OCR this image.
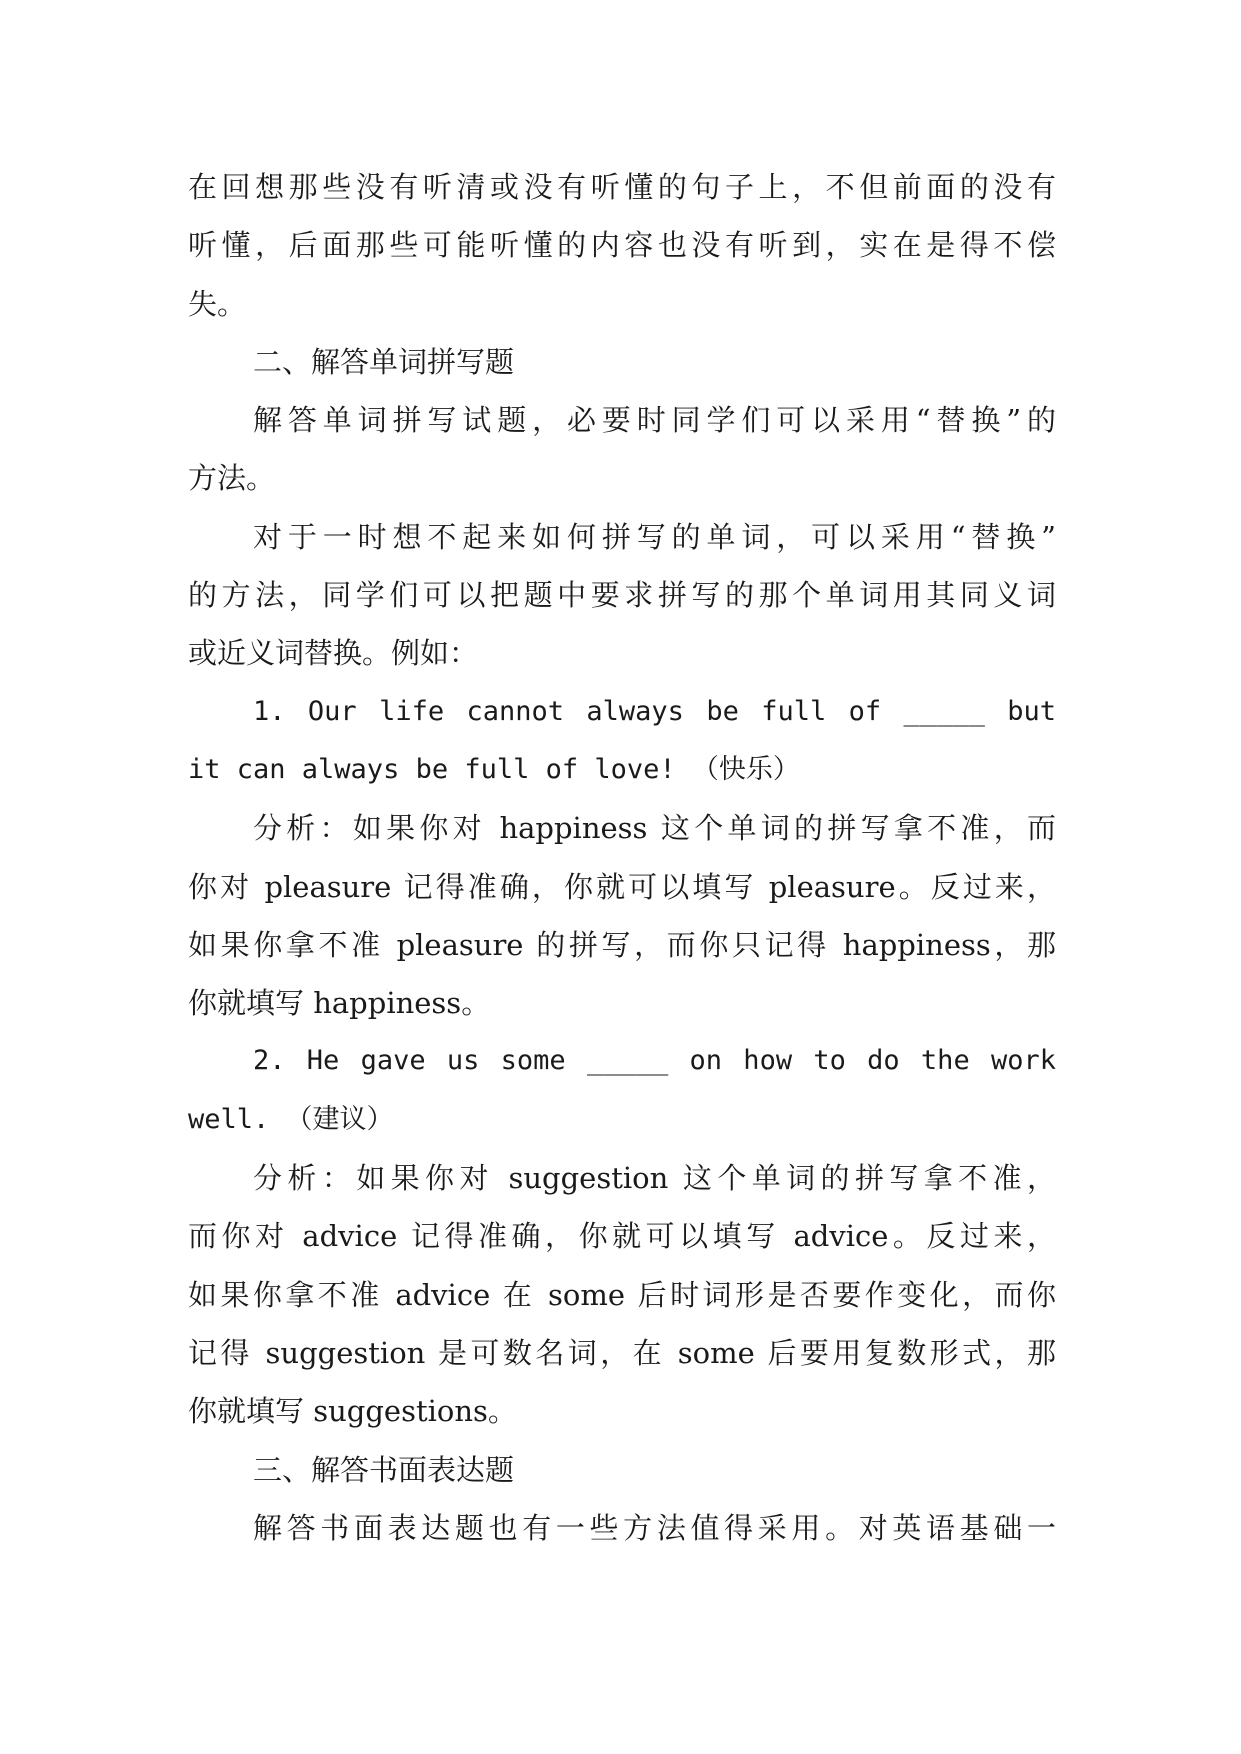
在回想那些没有听清或没有听懂的句子上，不但前面的没有
听懂，后面那些可能听懂的内容也没有听到，实在是得不偿
失。
二、解答单词拼写题
解答单词拼写试题，必要时同学们可以采用“替换”的
方法。
对于一时想不起来如何拼写的单词，可以采用“替换”
的方法，同学们可以把题中要求拼写的那个单词用其同义词
或近义词替换。例如：
1. Our life cannot always be full of _____ but
it can always be full of love! （快乐）
分析：如果你对 happiness 这个单词的拼写拿不准，而
你对 pleasure 记得准确，你就可以填写 pleasure。反过来，
如果你拿不准 pleasure 的拼写，而你只记得 happiness，那
你就填写 happiness。
2. He gave us some _____ on how to do the work
well. （建议）
分析：如果你对 suggestion 这个单词的拼写拿不准，
而你对 advice 记得准确，你就可以填写 advice。反过来，
如果你拿不准 advice 在 some 后时词形是否要作变化，而你
记得 suggestion 是可数名词，在 some 后要用复数形式，那
你就填写 suggestions。
三、解答书面表达题
解答书面表达题也有一些方法值得采用。对英语基础一
